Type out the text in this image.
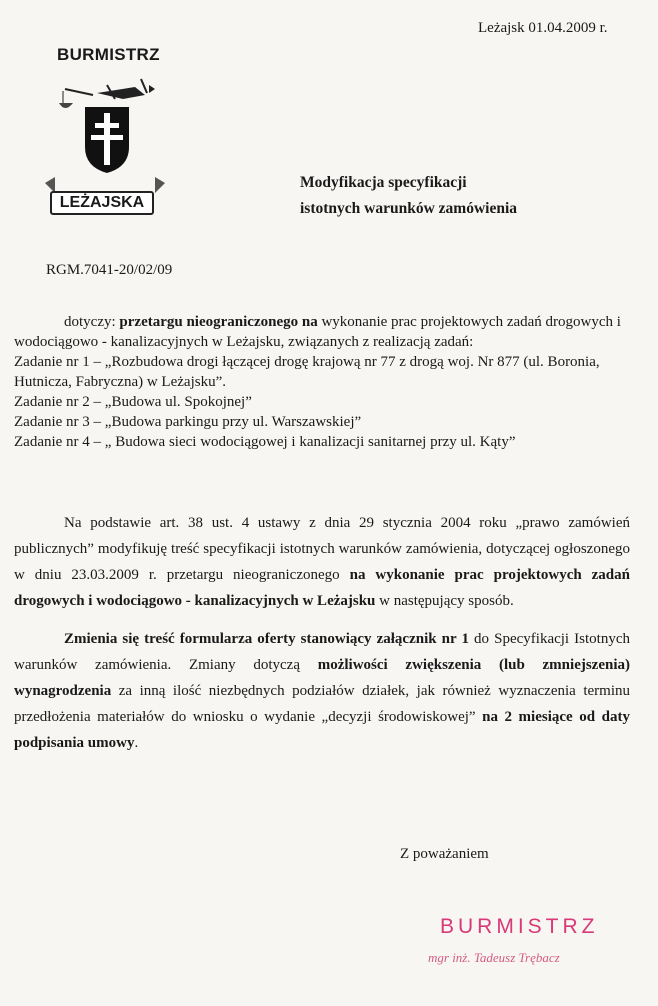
Leżajsk 01.04.2009 r.
BURMISTRZ
LEŻAJSKA
Modyfikacja specyfikacji
istotnych warunków zamówienia
RGM.7041-20/02/09

dotyczy: przetargu nieograniczonego na wykonanie prac projektowych zadań drogowych i wodociągowo - kanalizacyjnych w Leżajsku, związanych z realizacją zadań:

Zadanie nr 1 – „Rozbudowa drogi łączącej drogę krajową nr 77 z drogą woj. Nr 877 (ul. Boronia, Hutnicza, Fabryczna) w Leżajsku”.

Zadanie nr 2 – „Budowa ul. Spokojnej”

Zadanie nr 3 – „Budowa parkingu przy ul. Warszawskiej”

Zadanie nr 4 – „ Budowa sieci wodociągowej i kanalizacji sanitarnej przy ul. Kąty”

Na podstawie art. 38 ust. 4 ustawy z dnia 29 stycznia 2004 roku „prawo zamówień publicznych” modyfikuję treść specyfikacji istotnych warunków zamówienia, dotyczącej ogłoszonego w dniu 23.03.2009 r. przetargu nieograniczonego na wykonanie prac projektowych zadań drogowych i wodociągowo - kanalizacyjnych w Leżajsku w następujący sposób.

Zmienia się treść formularza oferty stanowiący załącznik nr 1 do Specyfikacji Istotnych warunków zamówienia. Zmiany dotyczą możliwości zwiększenia (lub zmniejszenia) wynagrodzenia za inną ilość niezbędnych podziałów działek, jak również wyznaczenia terminu przedłożenia materiałów do wniosku o wydanie „decyzji środowiskowej” na 2 miesiące od daty podpisania umowy.

Z poważaniem
BURMISTRZ
mgr inż. Tadeusz Trębacz
